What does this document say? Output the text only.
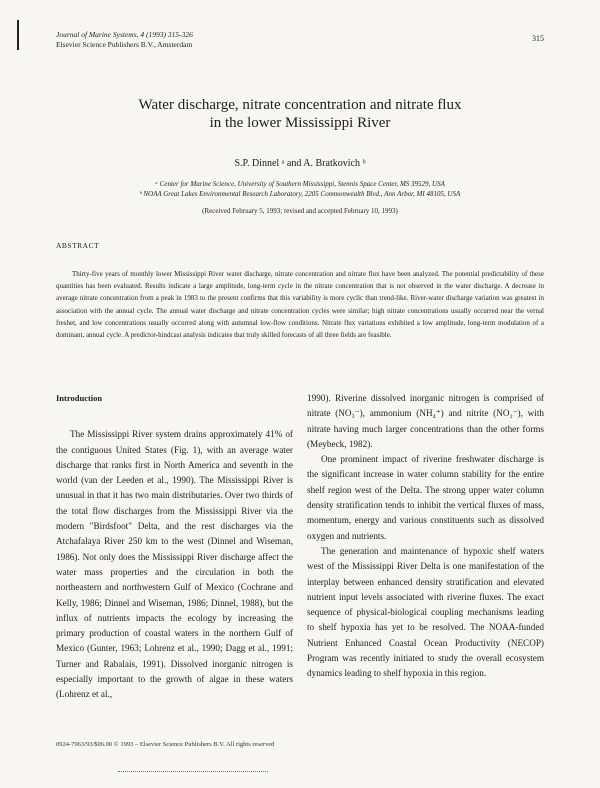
Journal of Marine Systems, 4 (1993) 315-326
Elsevier Science Publishers B.V., Amsterdam
315
Water discharge, nitrate concentration and nitrate flux
in the lower Mississippi River
S.P. Dinnel ᵃ and A. Bratkovich ᵇ
ᵃ Center for Marine Science, University of Southern Mississippi, Stennis Space Center, MS 39529, USA
ᵇ NOAA Great Lakes Environmental Research Laboratory, 2205 Commonwealth Blvd., Ann Arbor, MI 48105, USA
(Received February 5, 1993; revised and accepted February 10, 1993)
ABSTRACT
Thirty-five years of monthly lower Mississippi River water discharge, nitrate concentration and nitrate flux have been analyzed. The potential predictability of these quantities has been evaluated. Results indicate a large amplitude, long-term cycle in the nitrate concentration that is not observed in the water discharge. A decrease in average nitrate concentration from a peak in 1983 to the present confirms that this variability is more cyclic than trend-like. River-water discharge variation was greatest in association with the annual cycle. The annual water discharge and nitrate concentration cycles were similar; high nitrate concentrations usually occurred near the vernal freshet, and low concentrations usually occurred along with autumnal low-flow conditions. Nitrate flux variations exhibited a low amplitude, long-term modulation of a dominant, annual cycle. A predictor-hindcast analysis indicates that truly skilled forecasts of all three fields are feasible.
Introduction

The Mississippi River system drains approximately 41% of the contiguous United States (Fig. 1), with an average water discharge that ranks first in North America and seventh in the world (van der Leeden et al., 1990). The Mississippi River is unusual in that it has two main distributaries. Over two thirds of the total flow discharges from the Mississippi River via the modern "Birdsfoot" Delta, and the rest discharges via the Atchafalaya River 250 km to the west (Dinnel and Wiseman, 1986). Not only does the Mississippi River discharge affect the water mass properties and the circulation in both the northeastern and northwestern Gulf of Mexico (Cochrane and Kelly, 1986; Dinnel and Wiseman, 1986; Dinnel, 1988), but the influx of nutrients impacts the ecology by increasing the primary production of coastal waters in the northern Gulf of Mexico (Gunter, 1963; Lohrenz et al., 1990; Dagg et al., 1991; Turner and Rabalais, 1991). Dissolved inorganic nitrogen is especially important to the growth of algae in these waters (Lohrenz et al.,

1990). Riverine dissolved inorganic nitrogen is comprised of nitrate (NO₃⁻), ammonium (NH₄⁺) and nitrite (NO₂⁻), with nitrate having much larger concentrations than the other forms (Meybeck, 1982).

One prominent impact of riverine freshwater discharge is the significant increase in water column stability for the entire shelf region west of the Delta. The strong upper water column density stratification tends to inhibit the vertical fluxes of mass, momentum, energy and various constituents such as dissolved oxygen and nutrients.

The generation and maintenance of hypoxic shelf waters west of the Mississippi River Delta is one manifestation of the interplay between enhanced density stratification and elevated nutrient input levels associated with riverine fluxes. The exact sequence of physical-biological coupling mechanisms leading to shelf hypoxia has yet to be resolved. The NOAA-funded Nutrient Enhanced Coastal Ocean Productivity (NECOP) Program was recently initiated to study the overall ecosystem dynamics leading to shelf hypoxia in this region.

0924-7963/93/$06.00 © 1993 – Elsevier Science Publishers B.V. All rights reserved
